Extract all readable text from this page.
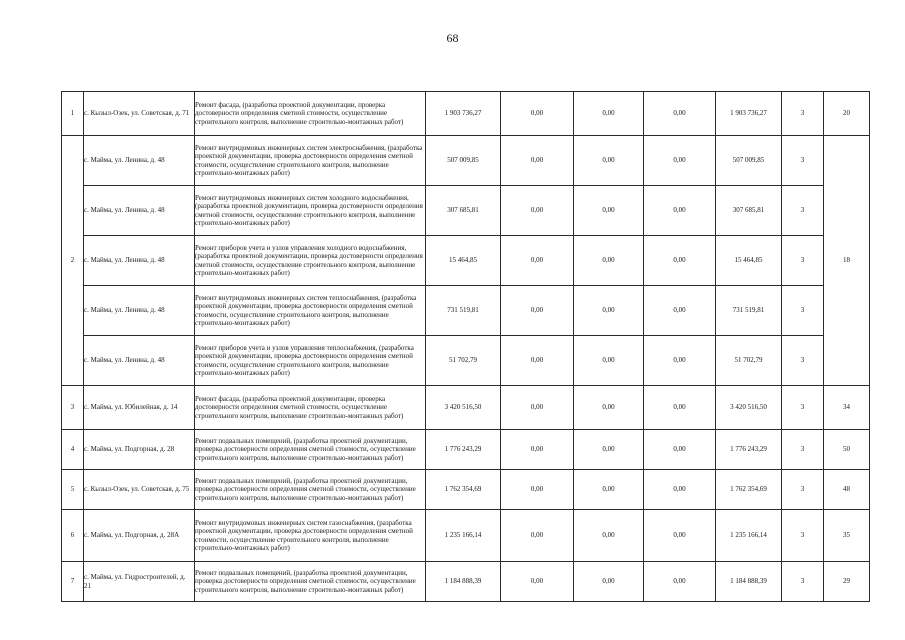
68
1	с. Кызыл-Озек, ул. Советская, д. 71	Ремонт фасада, (разработка проектной документации, проверка достоверности определения сметной стоимости, осуществление строительного контроля, выполнение строительно-монтажных работ)	1 903 736,27	0,00	0,00	0,00	1 903 736,27	3	20
2	с. Майма, ул. Ленина, д. 48	Ремонт внутридомовых инженерных систем электроснабжения, (разработка проектной документации, проверка достоверности определения сметной стоимости, осуществление строительного контроля, выполнение строительно-монтажных работ)	507 009,85	0,00	0,00	0,00	507 009,85	3	18

	с. Майма, ул. Ленина, д. 48	Ремонт внутридомовых инженерных систем холодного водоснабжения, (разработка проектной документации, проверка достоверности определения сметной стоимости, осуществление строительного контроля, выполнение строительно-монтажных работ)	307 685,81	0,00	0,00	0,00	307 685,81	3	

	с. Майма, ул. Ленина, д. 48	Ремонт приборов учета и узлов управления холодного водоснабжения, (разработка проектной документации, проверка достоверности определения сметной стоимости, осуществление строительного контроля, выполнение строительно-монтажных работ)	15 464,85	0,00	0,00	0,00	15 464,85	3	

	с. Майма, ул. Ленина, д. 48	Ремонт внутридомовых инженерных систем теплоснабжения, (разработка проектной документации, проверка достоверности определения сметной стоимости, осуществление строительного контроля, выполнение строительно-монтажных работ)	731 519,81	0,00	0,00	0,00	731 519,81	3	

	с. Майма, ул. Ленина, д. 48	Ремонт приборов учета и узлов управления теплоснабжения, (разработка проектной документации, проверка достоверности определения сметной стоимости, осуществление строительного контроля, выполнение строительно-монтажных работ)	51 702,79	0,00	0,00	0,00	51 702,79	3	
3	с. Майма, ул. Юбилейная, д. 14	Ремонт фасада, (разработка проектной документации, проверка достоверности определения сметной стоимости, осуществление строительного контроля, выполнение строительно-монтажных работ)	3 420 516,50	0,00	0,00	0,00	3 420 516,50	3	34
4	с. Майма, ул. Подгорная, д. 28	Ремонт подвальных помещений, (разработка проектной документации, проверка достоверности определения сметной стоимости, осуществление строительного контроля, выполнение строительно-монтажных работ)	1 776 243,29	0,00	0,00	0,00	1 776 243,29	3	50
5	с. Кызыл-Озек, ул. Советская, д. 75	Ремонт подвальных помещений, (разработка проектной документации, проверка достоверности определения сметной стоимости, осуществление строительного контроля, выполнение строительно-монтажных работ)	1 762 354,69	0,00	0,00	0,00	1 762 354,69	3	48
6	с. Майма, ул. Подгорная, д. 28А	Ремонт внутридомовых инженерных систем газоснабжения, (разработка проектной документации, проверка достоверности определения сметной стоимости, осуществление строительного контроля, выполнение строительно-монтажных работ)	1 235 166,14	0,00	0,00	0,00	1 235 166,14	3	35
7	с. Майма, ул. Гидростроителей, д. 21	Ремонт подвальных помещений, (разработка проектной документации, проверка достоверности определения сметной стоимости, осуществление строительного контроля, выполнение строительно-монтажных работ)	1 184 888,39	0,00	0,00	0,00	1 184 888,39	3	29
